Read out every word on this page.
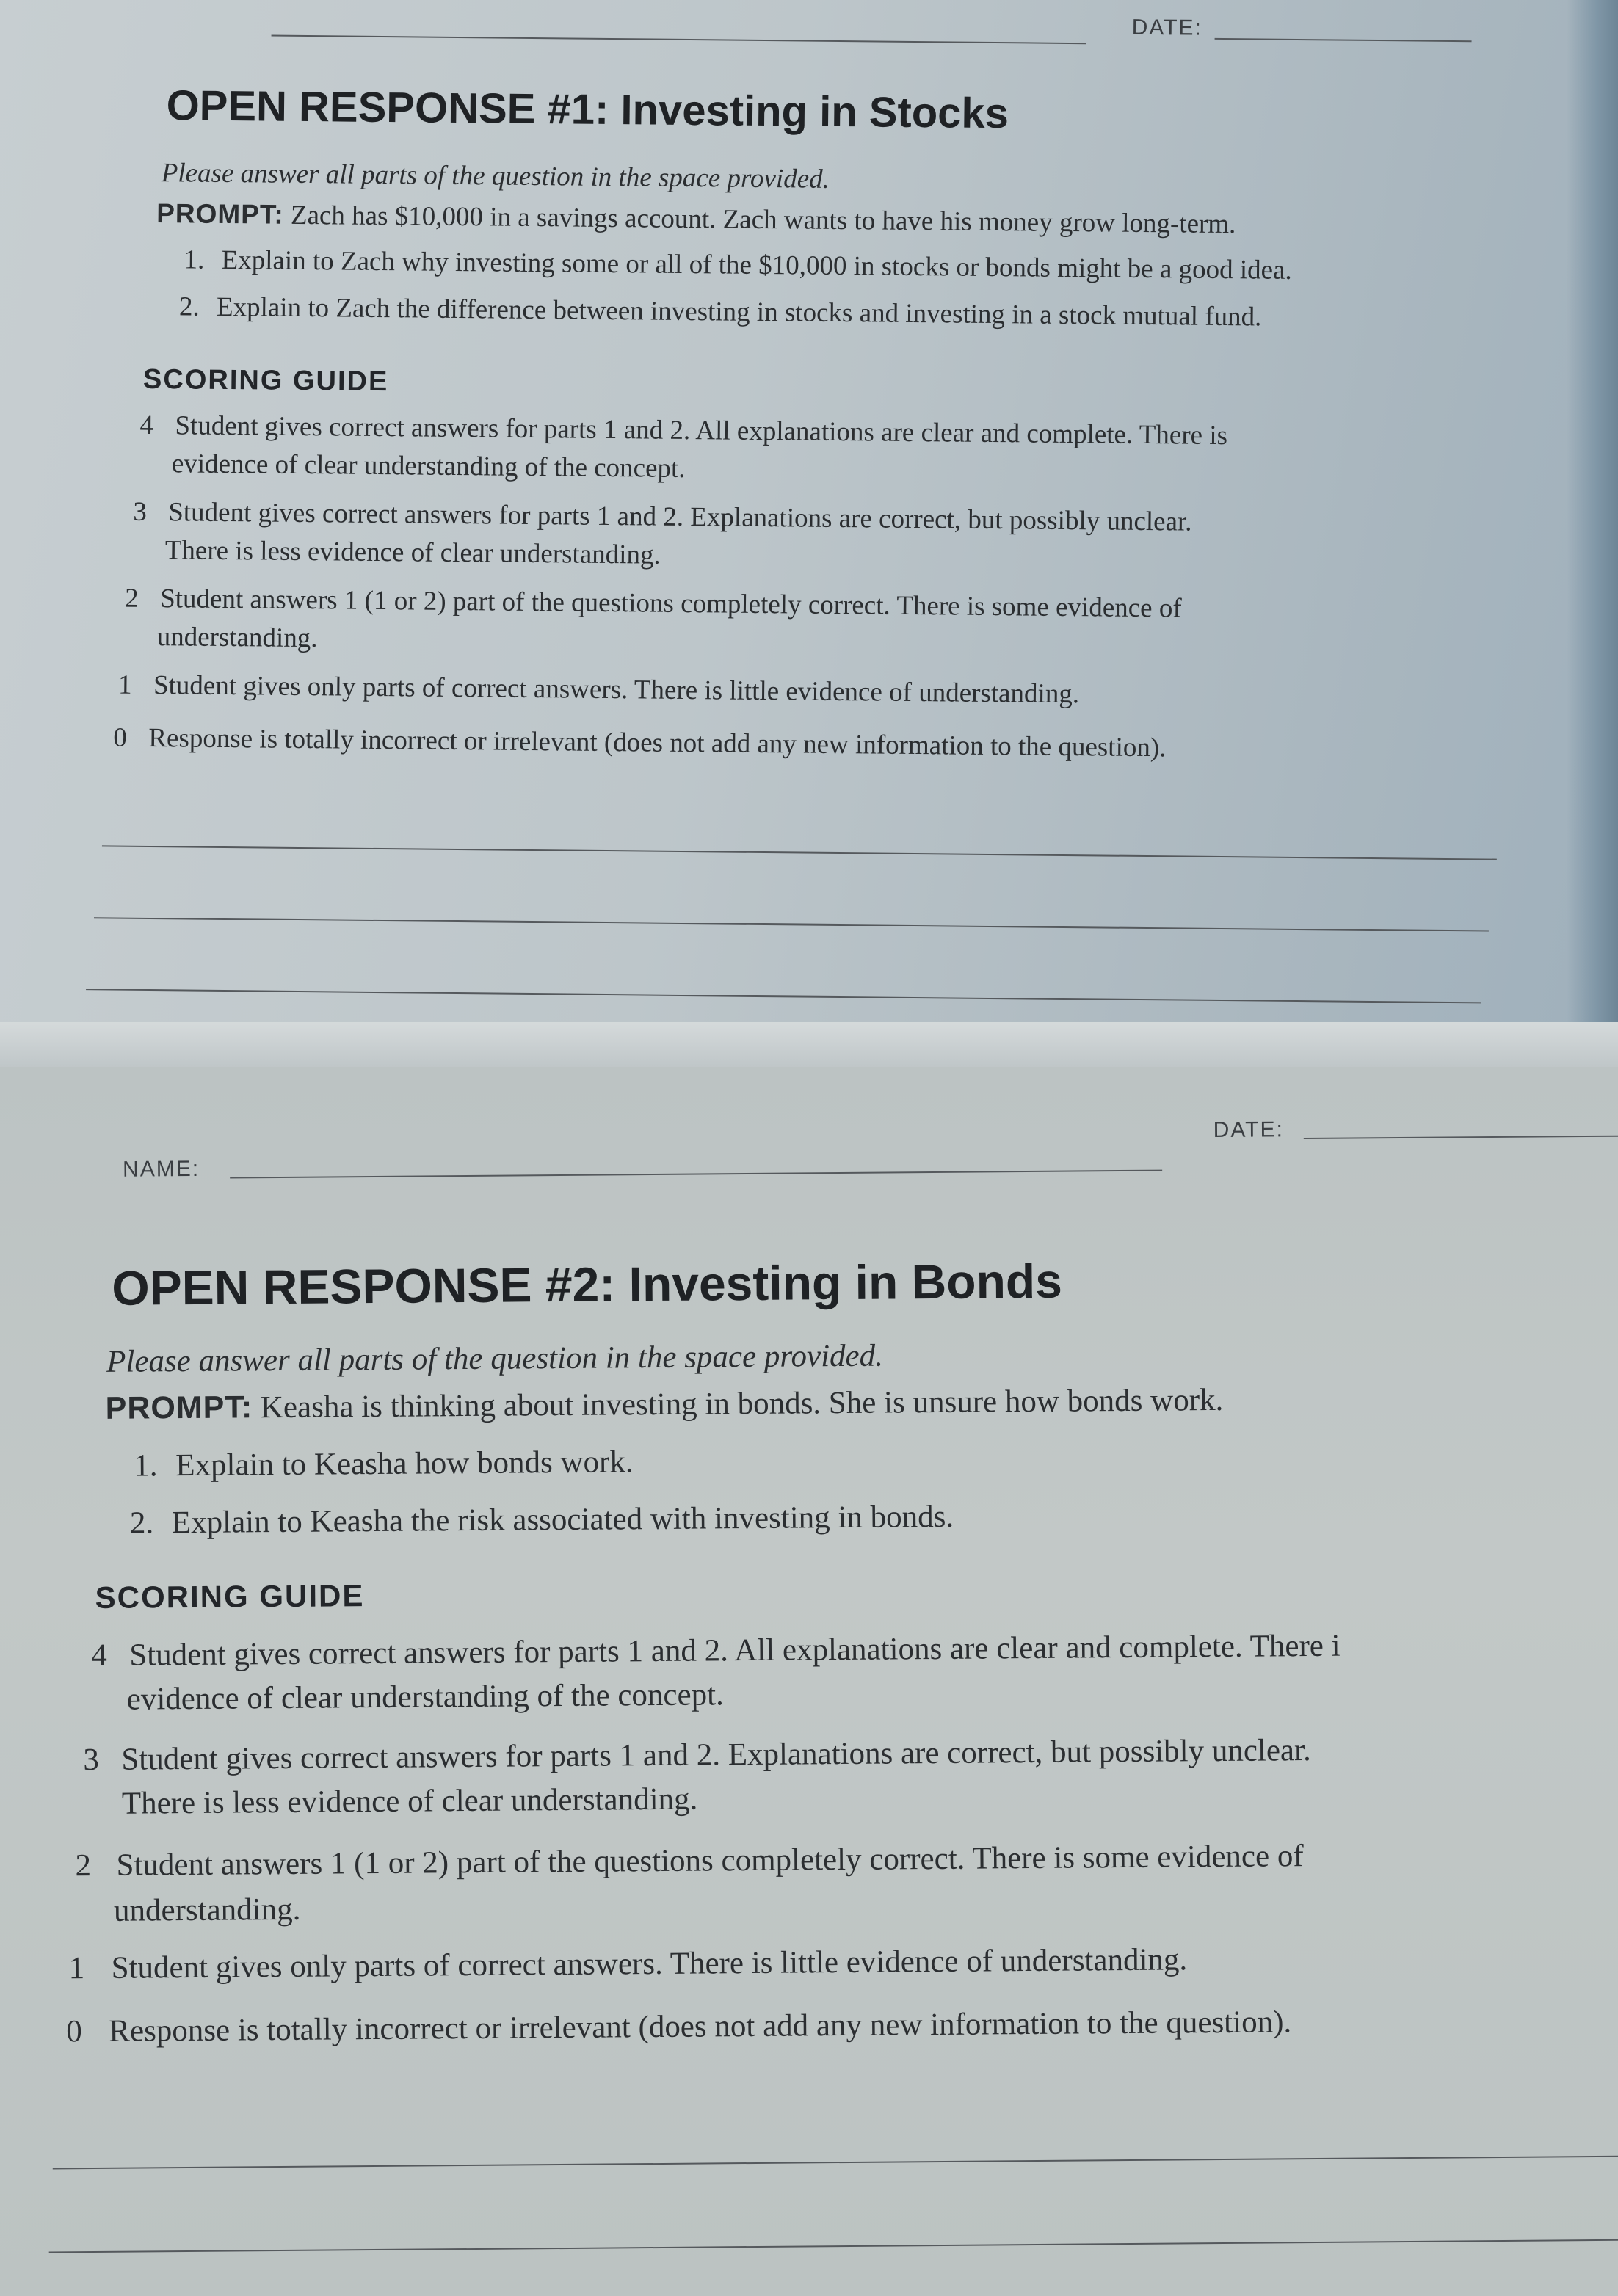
DATE:
OPEN RESPONSE #1: Investing in Stocks
Please answer all parts of the question in the space provided.
PROMPT: Zach has $10,000 in a savings account. Zach wants to have his money grow long-term.
1. Explain to Zach why investing some or all of the $10,000 in stocks or bonds might be a good idea.
2. Explain to Zach the difference between investing in stocks and investing in a stock mutual fund.
SCORING GUIDE
4 Student gives correct answers for parts 1 and 2. All explanations are clear and complete. There is
evidence of clear understanding of the concept.
3 Student gives correct answers for parts 1 and 2. Explanations are correct, but possibly unclear.
There is less evidence of clear understanding.
2 Student answers 1 (1 or 2) part of the questions completely correct. There is some evidence of
understanding.
1 Student gives only parts of correct answers. There is little evidence of understanding.
0 Response is totally incorrect or irrelevant (does not add any new information to the question).
DATE:
NAME:
OPEN RESPONSE #2: Investing in Bonds
Please answer all parts of the question in the space provided.
PROMPT: Keasha is thinking about investing in bonds. She is unsure how bonds work.
1. Explain to Keasha how bonds work.
2. Explain to Keasha the risk associated with investing in bonds.
SCORING GUIDE
4 Student gives correct answers for parts 1 and 2. All explanations are clear and complete. There i
evidence of clear understanding of the concept.
3 Student gives correct answers for parts 1 and 2. Explanations are correct, but possibly unclear.
There is less evidence of clear understanding.
2 Student answers 1 (1 or 2) part of the questions completely correct. There is some evidence of
understanding.
1 Student gives only parts of correct answers. There is little evidence of understanding.
0 Response is totally incorrect or irrelevant (does not add any new information to the question).
